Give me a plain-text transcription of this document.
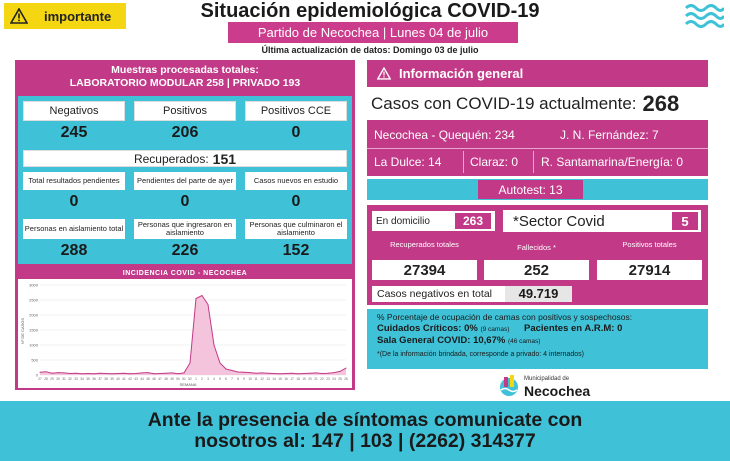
importante	Situación epidemiológica COVID-19
Partido de Necochea | Lunes 04 de julio
Última actualización de datos: Domingo 03 de julio
Muestras procesadas totales:
LABORATORIO MODULAR 258 | PRIVADO 193
Negativos
245
Positivos
206
Positivos CCE
0
Recuperados: 151
Total resultados pendientes
0
Pendientes del parte de ayer
0
Casos nuevos en estudio
0
Personas en aislamiento total
288
Personas que ingresaron en aislamiento
226
Personas que culminaron el aislamiento
152
INCIDENCIA COVID - NECOCHEA
Nº DE CASOS
SEMANA
3000
2500
2000
1500
1000
500
0
27 28 29 30 31 32 33 34 35 36 37 38 39 40 41 42 43 44 45 46 47 48 49 50 51 52 1 2 3 4 5 6 7 8 9 10 11 12 13 14 15 16 17 18 19 20 21 22 23 24 25 26
Información general
Casos con COVID-19 actualmente: 268
Necochea - Quequén: 234	J. N. Fernández: 7
La Dulce: 14	Claraz: 0	R. Santamarina/Energía: 0
Autotest: 13
En domicilio	263	*Sector Covid	5
Recuperados totales
27394
Fallecidos *
252
Positivos totales
27914
Casos negativos en total	49.719
% Porcentaje de ocupación de camas con positivos y sospechosos:
Cuidados Críticos: 0% (9 camas) Pacientes en A.R.M: 0
Sala General COVID: 10,67% (46 camas)
*(De la información brindada, corresponde a privado: 4 internados)
Municipalidad de
Necochea
Ante la presencia de síntomas comunicate con
nosotros al: 147 | 103 | (2262) 314377
